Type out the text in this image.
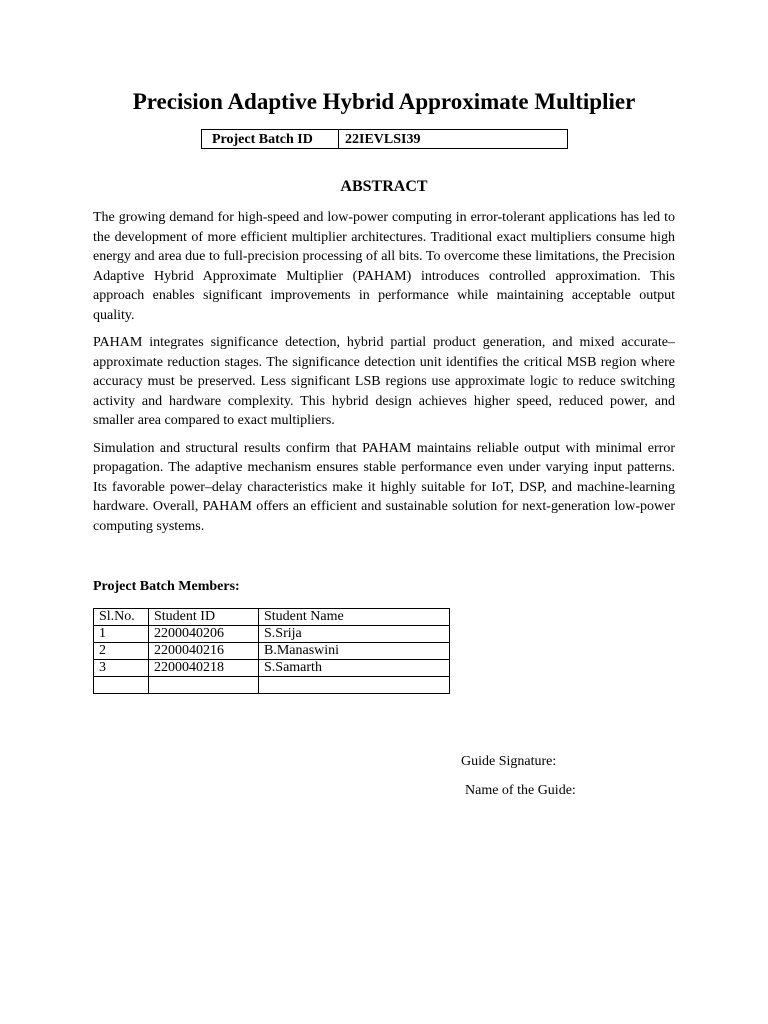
Precision Adaptive Hybrid Approximate Multiplier
Project Batch ID	22IEVLSI39
ABSTRACT

The growing demand for high-speed and low-power computing in error-tolerant applications has led to the development of more efficient multiplier architectures. Traditional exact multipliers consume high energy and area due to full-precision processing of all bits. To overcome these limitations, the Precision Adaptive Hybrid Approximate Multiplier (PAHAM) introduces controlled approximation. This approach enables significant improvements in performance while maintaining acceptable output quality.

PAHAM integrates significance detection, hybrid partial product generation, and mixed accurate–approximate reduction stages. The significance detection unit identifies the critical MSB region where accuracy must be preserved. Less significant LSB regions use approximate logic to reduce switching activity and hardware complexity. This hybrid design achieves higher speed, reduced power, and smaller area compared to exact multipliers.

Simulation and structural results confirm that PAHAM maintains reliable output with minimal error propagation. The adaptive mechanism ensures stable performance even under varying input patterns. Its favorable power–delay characteristics make it highly suitable for IoT, DSP, and machine-learning hardware. Overall, PAHAM offers an efficient and sustainable solution for next-generation low-power computing systems.

Project Batch Members:
Sl.No.	Student ID	Student Name
1	2200040206	S.Srija
2	2200040216	B.Manaswini
3	2200040218	S.Samarth

Guide Signature:
Name of the Guide:
